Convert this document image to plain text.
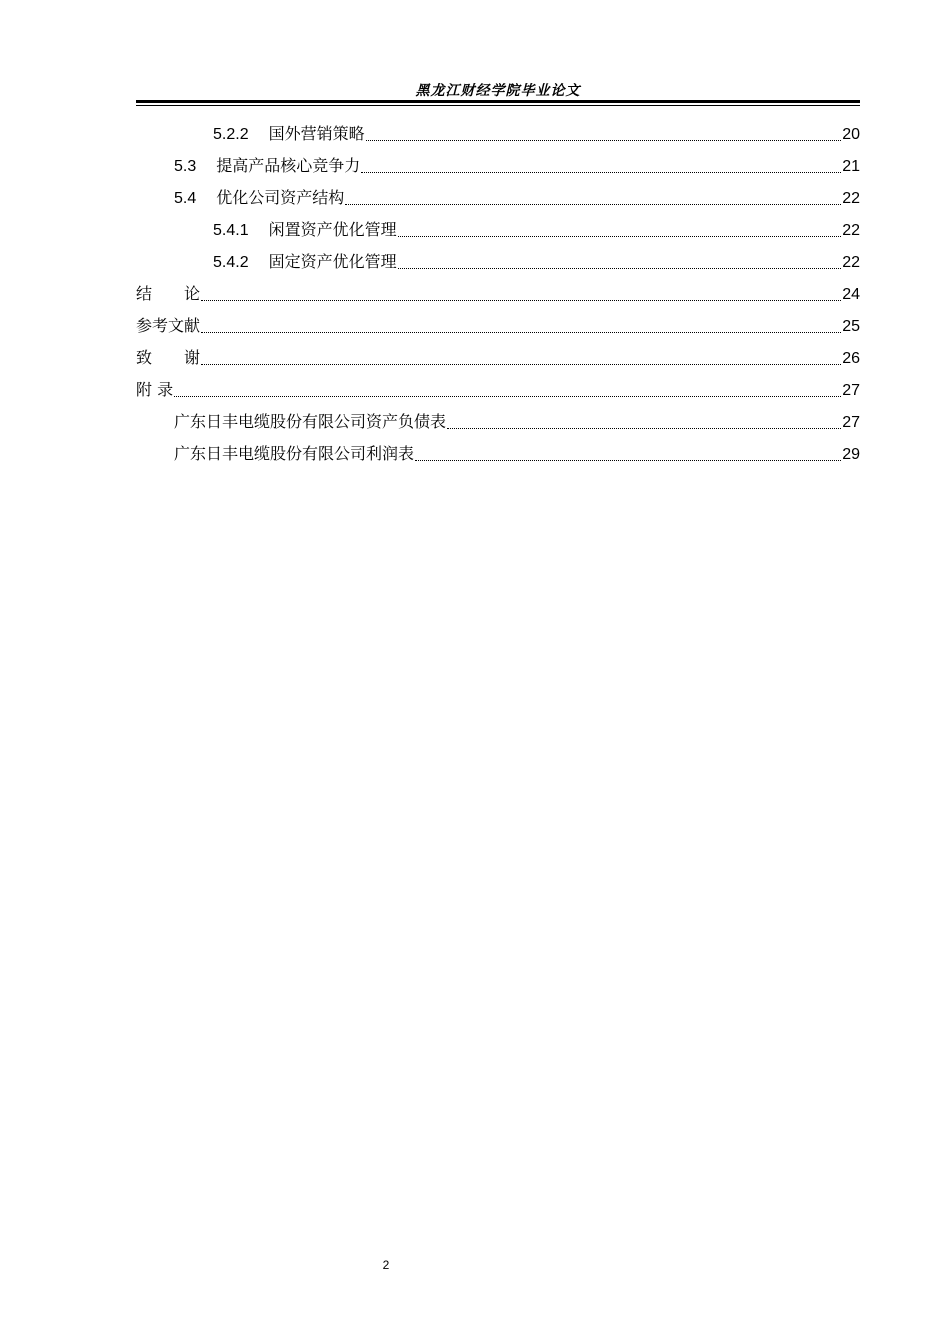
黑龙江财经学院毕业论文
5.2.2 国外营销策略	20
5.3 提高产品核心竞争力	21
5.4 优化公司资产结构	22
5.4.1 闲置资产优化管理	22
5.4.2 固定资产优化管理	22
结　　论	24
参考文献	25
致　　谢	26
附 录	27
广东日丰电缆股份有限公司资产负债表	27
广东日丰电缆股份有限公司利润表	29
2
